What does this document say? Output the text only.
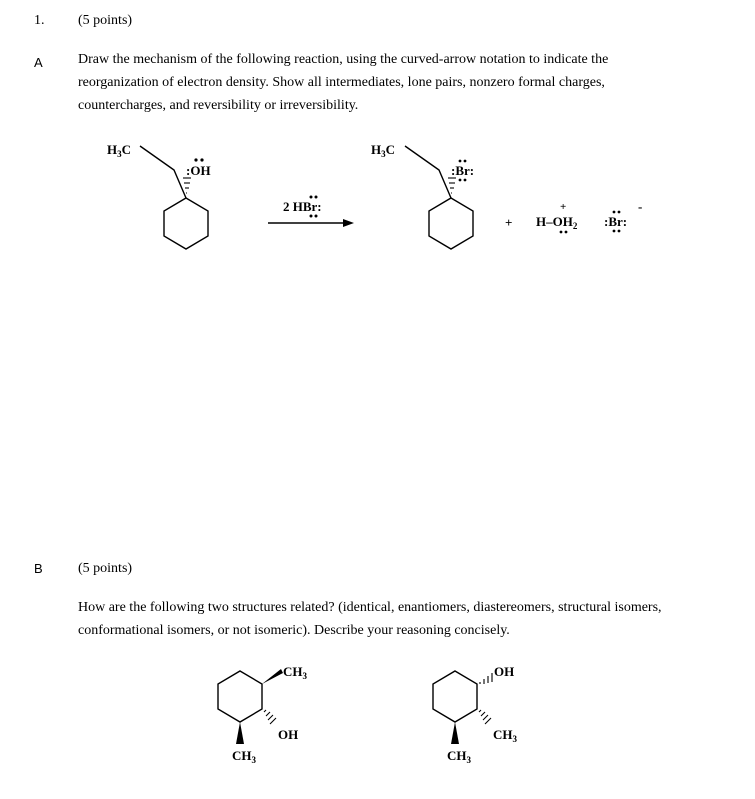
1. (5 points)
A	Draw the mechanism of the following reaction, using the curved-arrow notation to indicate the
reorganization of electron density. Show all intermediates, lone pairs, nonzero formal charges,
countercharges, and reversibility or irreversibility.
$H_3C$
:OH
2 HBr:
$H_3C$
:Br:
+ $H-OH_2$
+
:Br:
-
B	(5 points)
How are the following two structures related? (identical, enantiomers, diastereomers, structural isomers,
conformational isomers, or not isomeric). Describe your reasoning concisely.
$CH_3$
OH
$CH_3$
OH
$CH_3$
$CH_3$
